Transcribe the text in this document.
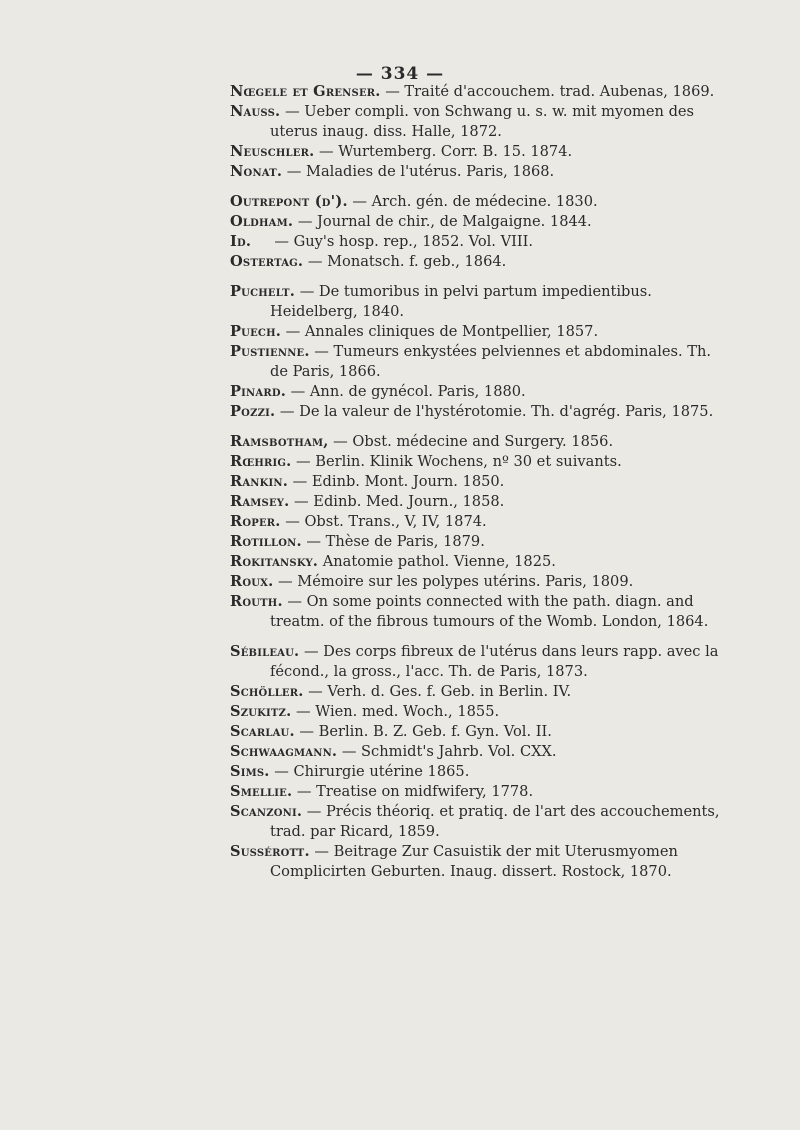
— 334 —
Nœgele et Grenser. — Traité d'accouchem. trad. Aubenas, 1869.
Nauss. — Ueber compli. von Schwang u. s. w. mit myomen des uterus inaug. diss. Halle, 1872.
Neuschler. — Wurtemberg. Corr. B. 15. 1874.
Nonat. — Maladies de l'utérus. Paris, 1868.
Outrepont (d'). — Arch. gén. de médecine. 1830.
Oldham. — Journal de chir., de Malgaigne. 1844.
Id.     — Guy's hosp. rep., 1852. Vol. VIII.
Ostertag. — Monatsch. f. geb., 1864.
Puchelt. — De tumoribus in pelvi partum impedientibus. Heidelberg, 1840.
Puech. — Annales cliniques de Montpellier, 1857.
Pustienne. — Tumeurs enkystées pelviennes et abdominales. Th. de Paris, 1866.
Pinard. — Ann. de gynécol. Paris, 1880.
Pozzi. — De la valeur de l'hystérotomie. Th. d'agrég. Paris, 1875.
Ramsbotham, — Obst. médecine and Surgery. 1856.
Rœhrig. — Berlin. Klinik Wochens, nº 30 et suivants.
Rankin. — Edinb. Mont. Journ. 1850.
Ramsey. — Edinb. Med. Journ., 1858.
Roper. — Obst. Trans., V, IV, 1874.
Rotillon. — Thèse de Paris, 1879.
Rokitansky. Anatomie pathol. Vienne, 1825.
Roux. — Mémoire sur les polypes utérins. Paris, 1809.
Routh. — On some points connected with the path. diagn. and treatm. of the fibrous tumours of the Womb. London, 1864.
Sébileau. — Des corps fibreux de l'utérus dans leurs rapp. avec la fécond., la gross., l'acc. Th. de Paris, 1873.
Schöller. — Verh. d. Ges. f. Geb. in Berlin. IV.
Szukitz. — Wien. med. Woch., 1855.
Scarlau. — Berlin. B. Z. Geb. f. Gyn. Vol. II.
Schwaagmann. — Schmidt's Jahrb. Vol. CXX.
Sims. — Chirurgie utérine 1865.
Smellie. — Treatise on midfwifery, 1778.
Scanzoni. — Précis théoriq. et pratiq. de l'art des accouchements, trad. par Ricard, 1859.
Sussérott. — Beitrage Zur Casuistik der mit Uterusmyomen Complicirten Geburten. Inaug. dissert. Rostock, 1870.
